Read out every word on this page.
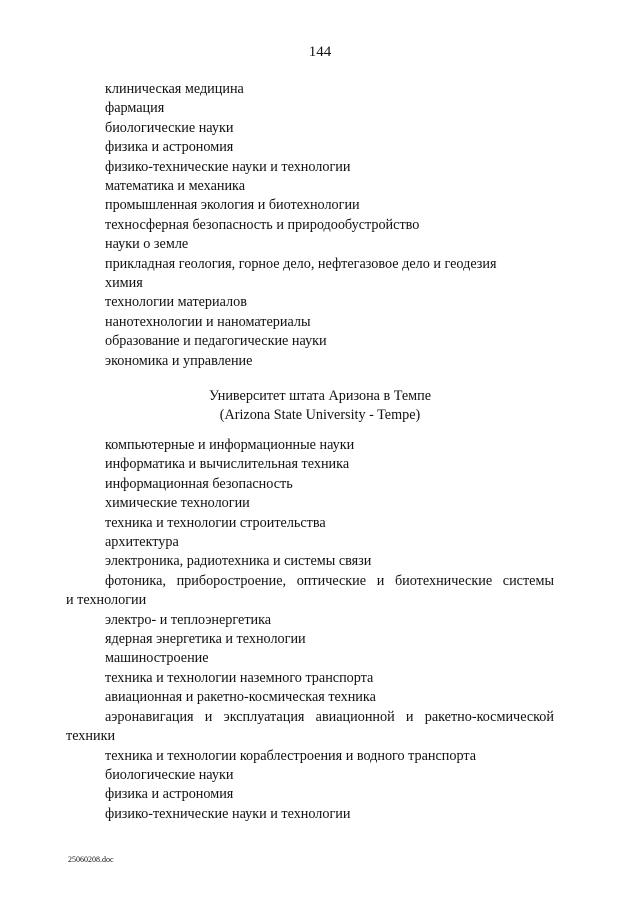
144
клиническая медицина
фармация
биологические науки
физика и астрономия
физико-технические науки и технологии
математика и механика
промышленная экология и биотехнологии
техносферная безопасность и природообустройство
науки о земле
прикладная геология, горное дело, нефтегазовое дело и геодезия
химия
технологии материалов
нанотехнологии и наноматериалы
образование и педагогические науки
экономика и управление
Университет штата Аризона в Темпе
(Arizona State University - Tempe)
компьютерные и информационные науки
информатика и вычислительная техника
информационная безопасность
химические технологии
техника и технологии строительства
архитектура
электроника, радиотехника и системы связи
фотоника, приборостроение, оптические и биотехнические системы
и технологии
электро- и теплоэнергетика
ядерная энергетика и технологии
машиностроение
техника и технологии наземного транспорта
авиационная и ракетно-космическая техника
аэронавигация и эксплуатация авиационной и ракетно-космической
техники
техника и технологии кораблестроения и водного транспорта
биологические науки
физика и астрономия
физико-технические науки и технологии
25060208.doc
